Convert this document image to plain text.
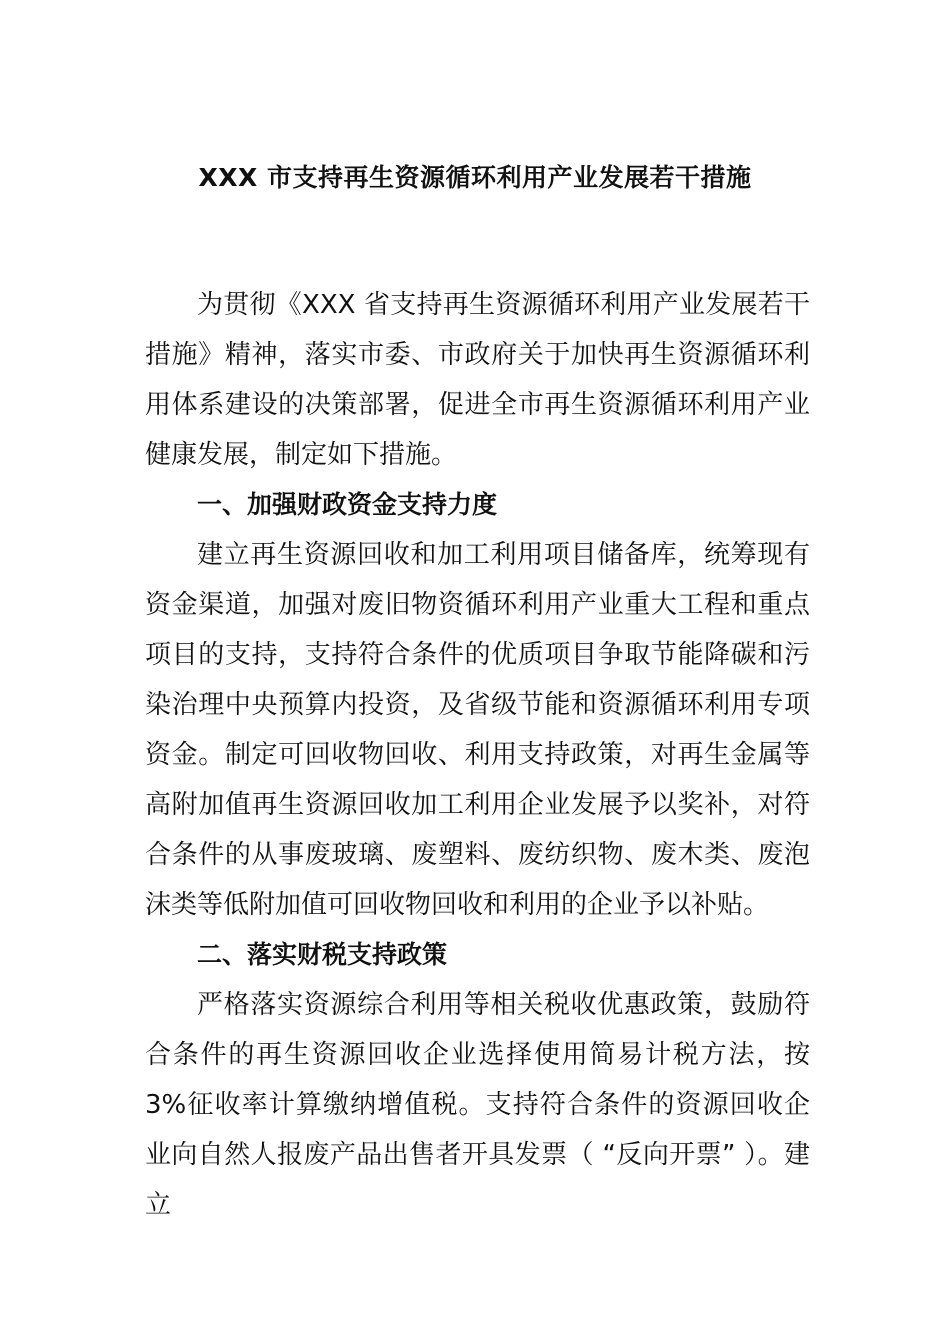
XXX 市支持再生资源循环利用产业发展若干措施

为贯彻《XXX 省支持再生资源循环利用产业发展若干措施》精神，落实市委、市政府关于加快再生资源循环利用体系建设的决策部署，促进全市再生资源循环利用产业健康发展，制定如下措施。

一、加强财政资金支持力度

建立再生资源回收和加工利用项目储备库，统筹现有资金渠道，加强对废旧物资循环利用产业重大工程和重点项目的支持，支持符合条件的优质项目争取节能降碳和污染治理中央预算内投资，及省级节能和资源循环利用专项资金。制定可回收物回收、利用支持政策，对再生金属等高附加值再生资源回收加工利用企业发展予以奖补，对符合条件的从事废玻璃、废塑料、废纺织物、废木类、废泡沫类等低附加值可回收物回收和利用的企业予以补贴。

二、落实财税支持政策

严格落实资源综合利用等相关税收优惠政策，鼓励符合条件的再生资源回收企业选择使用简易计税方法，按 3%征收率计算缴纳增值税。支持符合条件的资源回收企业向自然人报废产品出售者开具发票（ “反向开票” ）。建立
